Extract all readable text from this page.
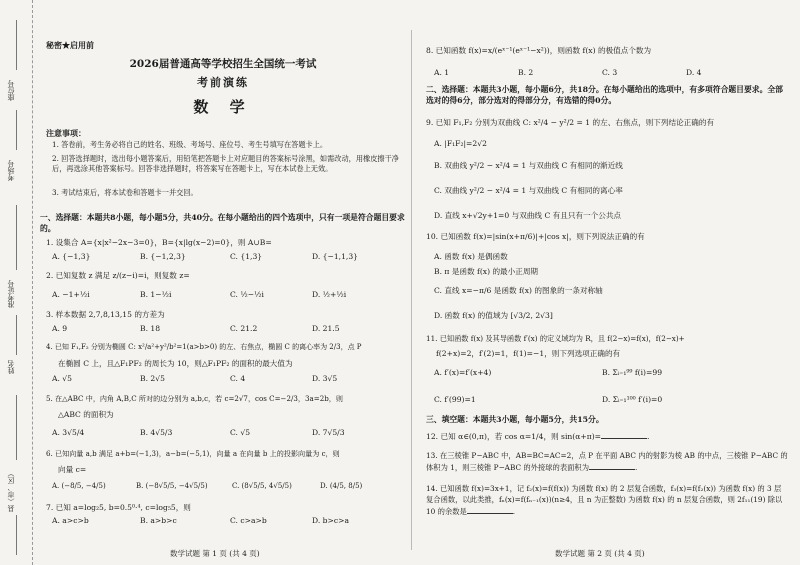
座位号
考场号
准考证号
姓名
县（市、区）
秘密★启用前
2026届普通高等学校招生全国统一考试
考前演练
数 学
注意事项：
1. 答卷前，考生务必将自己的姓名、班级、考场号、座位号、考生号填写在答题卡上。
2. 回答选择题时，选出每小题答案后，用铅笔把答题卡上对应题目的答案标号涂黑，如需改动，用橡皮擦干净后，再选涂其他答案标号。回答非选择题时，将答案写在答题卡上，写在本试卷上无效。
3. 考试结束后，将本试卷和答题卡一并交回。
一、选择题：本题共8小题，每小题5分，共40分。在每小题给出的四个选项中，只有一项是符合题目要求的。
1. 设集合 A={x|x²−2x−3=0}，B={x|lg(x−2)=0}，则 A∪B=
A. {−1,3}	B. {−1,2,3}	C. {1,3}	D. {−1,1,3}
2. 已知复数 z 满足 z/(z−i)=i，则复数 z=
A. −1+½i	B. 1−½i	C. ½−½i	D. ½+½i
3. 样本数据 2,7,8,13,15 的方差为
A. 9	B. 18	C. 21.2	D. 21.5
4. 已知 F₁,F₂ 分别为椭圆 C: x²/a²+y²/b²=1(a>b>0) 的左、右焦点，椭圆 C 的离心率为 2/3，点 P
在椭圆 C 上，且△F₁PF₂ 的周长为 10，则△F₁PF₂ 的面积的最大值为
A. √5	B. 2√5	C. 4	D. 3√5
5. 在△ABC 中，内角 A,B,C 所对的边分别为 a,b,c，若 c=2√7，cos C=−2/3，3a=2b，则
△ABC 的面积为
A. 3√5/4	B. 4√5/3	C. √5	D. 7√5/3
6. 已知向量 a,b 满足 a+b=(−1,3)，a−b=(−5,1)，向量 a 在向量 b 上的投影向量为 c，则
向量 c=
A. (−8/5, −4/5)	B. (−8√5/5, −4√5/5)	C. (8√5/5, 4√5/5)	D. (4/5, 8/5)
7. 已知 a=log₂5, b=0.5⁰·⁴, c=log₅5，则
A. a>c>b	B. a>b>c	C. c>a>b	D. b>c>a
数学试题 第 1 页 (共 4 页)
8. 已知函数 f(x)=x/(eˣ⁻¹(eˣ⁻¹−x²))，则函数 f(x) 的极值点个数为
A. 1	B. 2	C. 3	D. 4
二、选择题：本题共3小题，每小题6分，共18分。在每小题给出的选项中，有多项符合题目要求。全部选对的得6分，部分选对的得部分分，有选错的得0分。
9. 已知 F₁,F₂ 分别为双曲线 C: x²/4 − y²/2 = 1 的左、右焦点，则下列结论正确的有
A. |F₁F₂|=2√2
B. 双曲线 y²/2 − x²/4 = 1 与双曲线 C 有相同的渐近线
C. 双曲线 y²/2 − x²/4 = 1 与双曲线 C 有相同的离心率
D. 直线 x+√2y+1=0 与双曲线 C 有且只有一个公共点
10. 已知函数 f(x)=|sin(x+π/6)|+|cos x|，则下列说法正确的有
A. 函数 f(x) 是偶函数
B. π 是函数 f(x) 的最小正周期
C. 直线 x=−π/6 是函数 f(x) 的图象的一条对称轴
D. 函数 f(x) 的值域为 [√3/2, 2√3]
11. 已知函数 f(x) 及其导函数 f′(x) 的定义域均为 R，且 f(2−x)=f(x)，f(2−x)+
f(2+x)=2，f′(2)=1，f(1)=−1，则下列选项正确的有
A. f′(x)=f′(x+4)	B. Σᵢ₌₁⁹⁹ f(i)=99
C. f′(99)=1	D. Σᵢ₌₁¹⁰⁰ f′(i)=0
三、填空题：本题共3小题，每小题5分，共15分。
12. 已知 α∈(0,π)，若 cos α=1/4，则 sin(α+π)=	.
13. 在三棱锥 P−ABC 中，AB=BC=AC=2，点 P 在平面 ABC 内的射影为棱 AB 的中点，三棱锥 P−ABC 的体积为 1，则三棱锥 P−ABC 的外接球的表面积为	.
14. 已知函数 f(x)=3x+1，记 f₂(x)=f(f(x)) 为函数 f(x) 的 2 层复合函数，f₃(x)=f(f₂(x)) 为函数 f(x) 的 3 层复合函数，以此类推，fₙ(x)=f(fₙ₋₁(x))(n≥4，且 n 为正整数) 为函数 f(x) 的 n 层复合函数，则 2f₁₁(19) 除以 10 的余数是	.
数学试题 第 2 页 (共 4 页)
